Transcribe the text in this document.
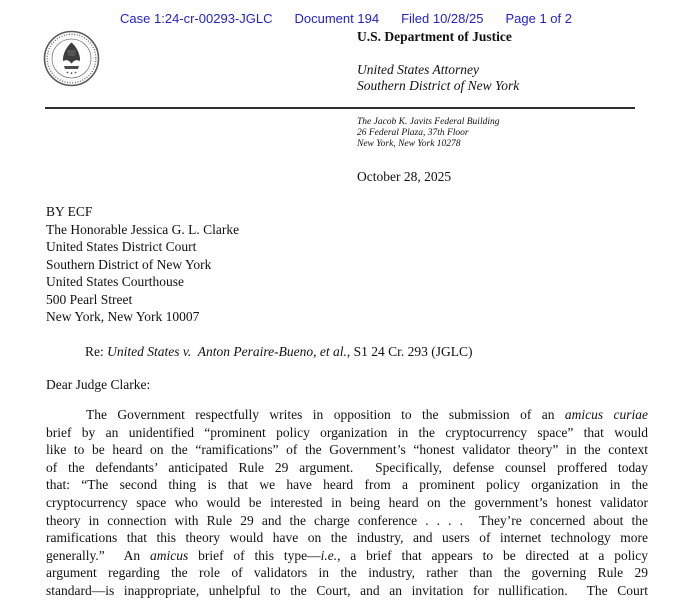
Case 1:24-cr-00293-JGLC Document 194 Filed 10/28/25 Page 1 of 2
U.S. Department of Justice
United States Attorney
Southern District of New York
The Jacob K. Javits Federal Building
26 Federal Plaza, 37th Floor
New York, New York 10278
October 28, 2025
BY ECF
The Honorable Jessica G. L. Clarke
United States District Court
Southern District of New York
United States Courthouse
500 Pearl Street
New York, New York 10007
Re: United States v.  Anton Peraire-Bueno, et al., S1 24 Cr. 293 (JGLC)
Dear Judge Clarke:
The Government respectfully writes in opposition to the submission of an amicus curiae
brief by an unidentified “prominent policy organization in the cryptocurrency space” that would
like to be heard on the “ramifications” of the Government’s “honest validator theory” in the context
of the defendants’ anticipated Rule 29 argument.  Specifically, defense counsel proffered today
that: “The second thing is that we have heard from a prominent policy organization in the
cryptocurrency space who would be interested in being heard on the government’s honest validator
theory in connection with Rule 29 and the charge conference . . . .  They’re concerned about the
ramifications that this theory would have on the industry, and users of internet technology more
generally.”  An amicus brief of this type—i.e., a brief that appears to be directed at a policy
argument regarding the role of validators in the industry, rather than the governing Rule 29
standard—is inappropriate, unhelpful to the Court, and an invitation for nullification.  The Court
